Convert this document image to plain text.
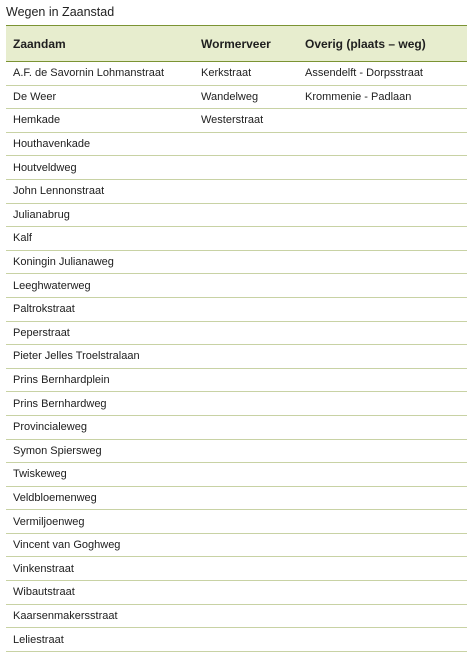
Wegen in Zaanstad
Zaandam	Wormerveer	Overig (plaats – weg)
A.F. de Savornin Lohmanstraat	Kerkstraat	Assendelft - Dorpsstraat
De Weer	Wandelweg	Krommenie - Padlaan
Hemkade	Westerstraat	
Houthavenkade		
Houtveldweg		
John Lennonstraat		
Julianabrug		
Kalf		
Koningin Julianaweg		
Leeghwaterweg		
Paltrokstraat		
Peperstraat		
Pieter Jelles Troelstralaan		
Prins Bernhardplein		
Prins Bernhardweg		
Provincialeweg		
Symon Spiersweg		
Twiskeweg		
Veldbloemenweg		
Vermiljoenweg		
Vincent van Goghweg		
Vinkenstraat		
Wibautstraat		
Kaarsenmakersstraat		
Leliestraat		
